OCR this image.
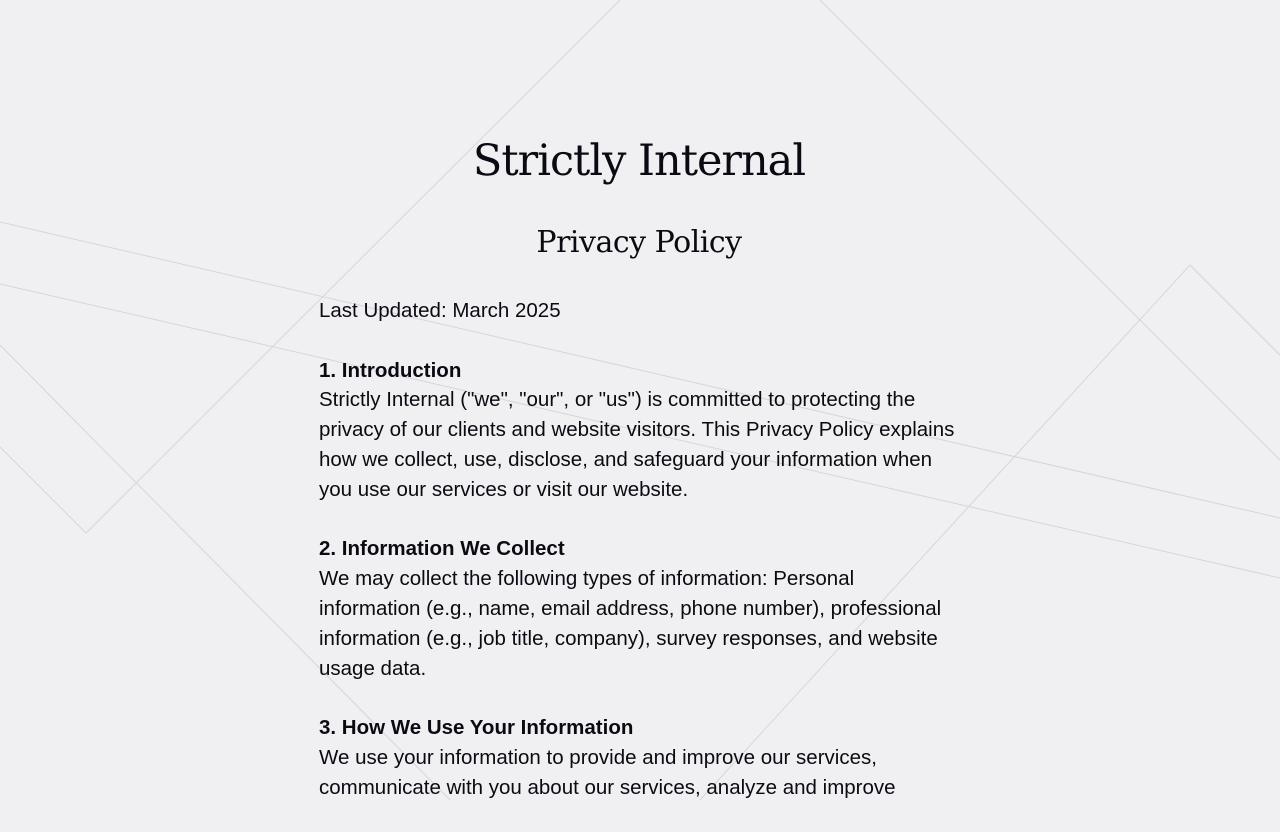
Strictly Internal
Privacy Policy

Last Updated: March 2025

1. Introduction

Strictly Internal ("we", "our", or "us") is committed to protecting the privacy of our clients and website visitors. This Privacy Policy explains how we collect, use, disclose, and safeguard your information when you use our services or visit our website.

2. Information We Collect

We may collect the following types of information: Personal information (e.g., name, email address, phone number), professional information (e.g., job title, company), survey responses, and website usage data.

3. How We Use Your Information

We use your information to provide and improve our services, communicate with you about our services, analyze and improve
